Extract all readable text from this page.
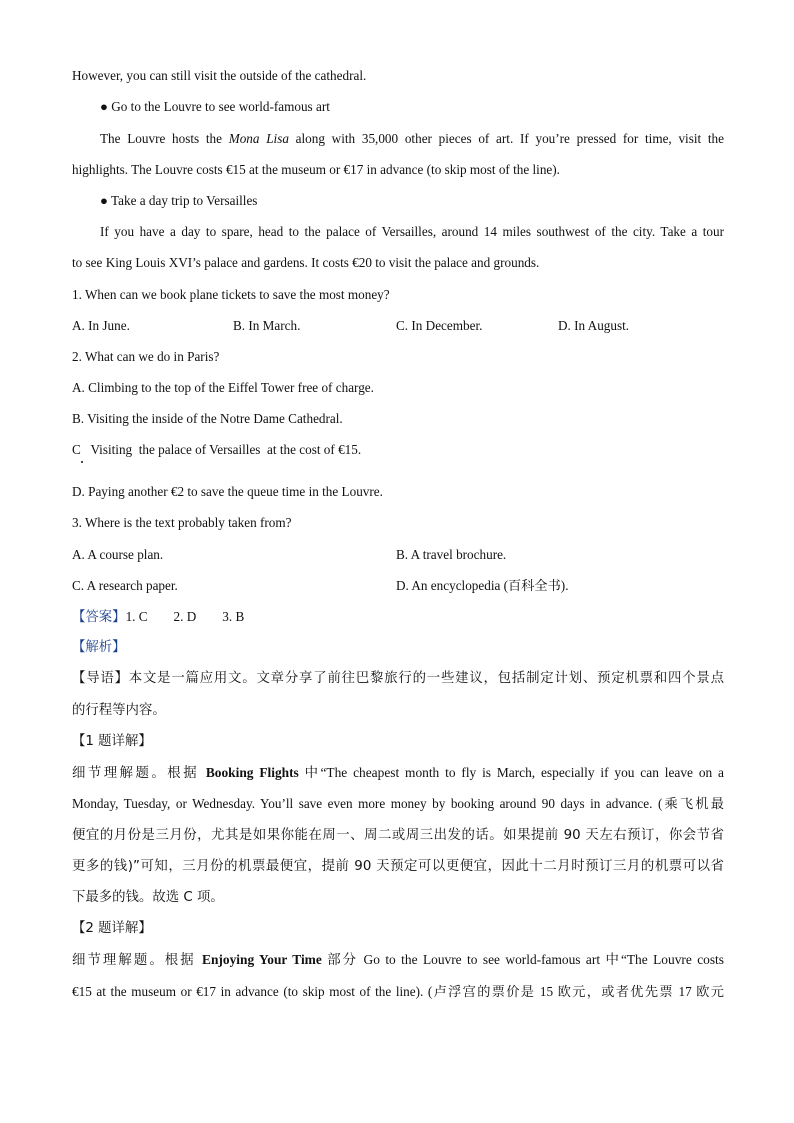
However, you can still visit the outside of the cathedral.
● Go to the Louvre to see world-famous art
The Louvre hosts the Mona Lisa along with 35,000 other pieces of art. If you’re pressed for time, visit the
highlights. The Louvre costs €15 at the museum or €17 in advance (to skip most of the line).
● Take a day trip to Versailles
If you have a day to spare, head to the palace of Versailles, around 14 miles southwest of the city. Take a tour
to see King Louis XVI’s palace and gardens. It costs €20 to visit the palace and grounds.
1. When can we book plane tickets to save the most money?
A. In June.	B. In March.	C. In December.	D. In August.
2. What can we do in Paris?
A. Climbing to the top of the Eiffel Tower free of charge.
B. Visiting the inside of the Notre Dame Cathedral.
C   Visiting  the palace of Versailles  at the cost of €15.
D. Paying another €2 to save the queue time in the Louvre.
3. Where is the text probably taken from?
A. A course plan.	B. A travel brochure.
C. A research paper.	D. An encyclopedia (百科全书).
【答案】1. C 2. D 3. B
【解析】
【导语】本文是一篇应用文。文章分享了前往巴黎旅行的一些建议，包括制定计划、预定机票和四个景点
的行程等内容。
【1 题详解】
细节理解题。根据 Booking Flights 中“The cheapest month to fly is March, especially if you can leave on a
Monday, Tuesday, or Wednesday. You’ll save even more money by booking around 90 days in advance. (乘飞机最
便宜的月份是三月份，尤其是如果你能在周一、周二或周三出发的话。如果提前 90 天左右预订，你会节省
更多的钱)”可知，三月份的机票最便宜，提前 90 天预定可以更便宜，因此十二月时预订三月的机票可以省
下最多的钱。故选 C 项。
【2 题详解】
细节理解题。根据 Enjoying Your Time 部分 Go to the Louvre to see world-famous art 中“The Louvre costs
€15 at the museum or €17 in advance (to skip most of the line). (卢浮宫的票价是 15 欧元，或者优先票 17 欧元
